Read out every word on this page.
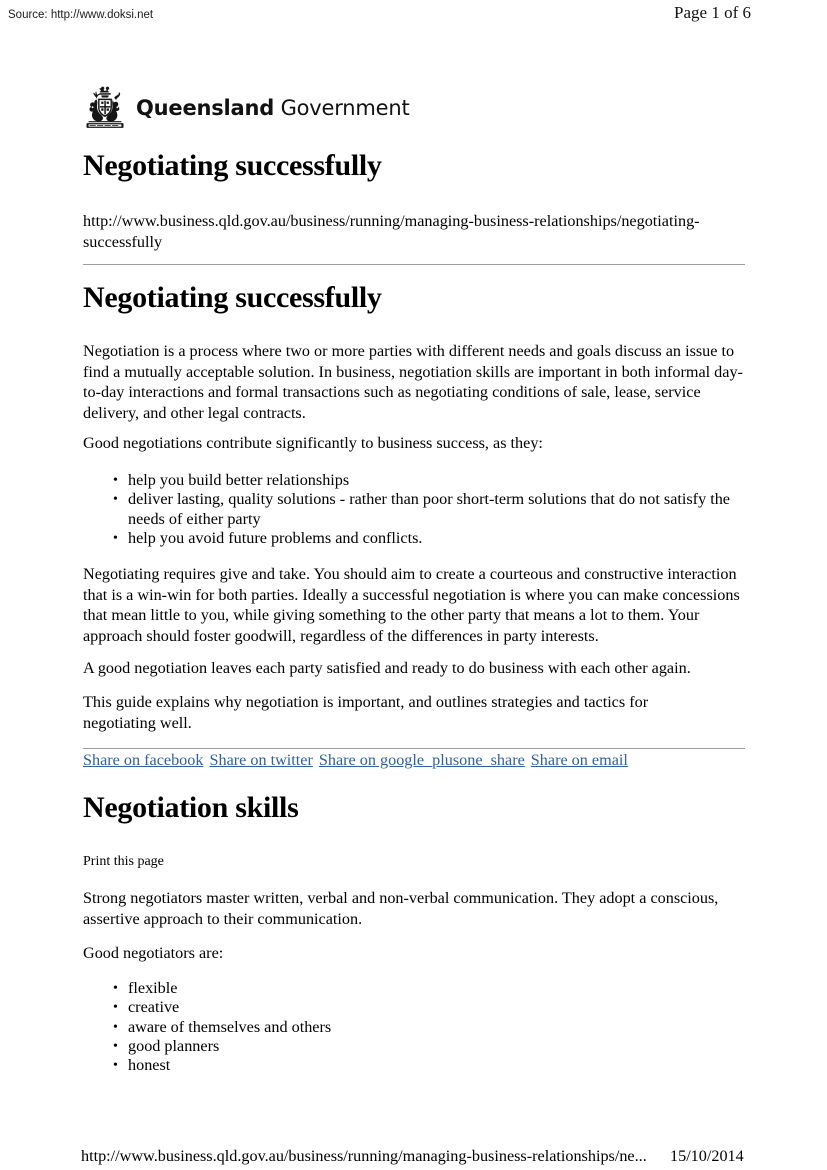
Source: http://www.doksi.net	Page 1 of 6
Queensland Government
Negotiating successfully

http://www.business.qld.gov.au/business/running/managing-business-relationships/negotiating-successfully

Negotiating successfully

Negotiation is a process where two or more parties with different needs and goals discuss an issue to find a mutually acceptable solution. In business, negotiation skills are important in both informal day-to-day interactions and formal transactions such as negotiating conditions of sale, lease, service delivery, and other legal contracts.

Good negotiations contribute significantly to business success, as they:

• help you build better relationships
• deliver lasting, quality solutions - rather than poor short-term solutions that do not satisfy the needs of either party
• help you avoid future problems and conflicts.

Negotiating requires give and take. You should aim to create a courteous and constructive interaction that is a win-win for both parties. Ideally a successful negotiation is where you can make concessions that mean little to you, while giving something to the other party that means a lot to them. Your approach should foster goodwill, regardless of the differences in party interests.

A good negotiation leaves each party satisfied and ready to do business with each other again.

This guide explains why negotiation is important, and outlines strategies and tactics for negotiating well.

Share on facebook Share on twitter Share on google_plusone_share Share on email
Negotiation skills
Print this page

Strong negotiators master written, verbal and non-verbal communication. They adopt a conscious, assertive approach to their communication.

Good negotiators are:

• flexible
• creative
• aware of themselves and others
• good planners
• honest
http://www.business.qld.gov.au/business/running/managing-business-relationships/ne... 15/10/2014
